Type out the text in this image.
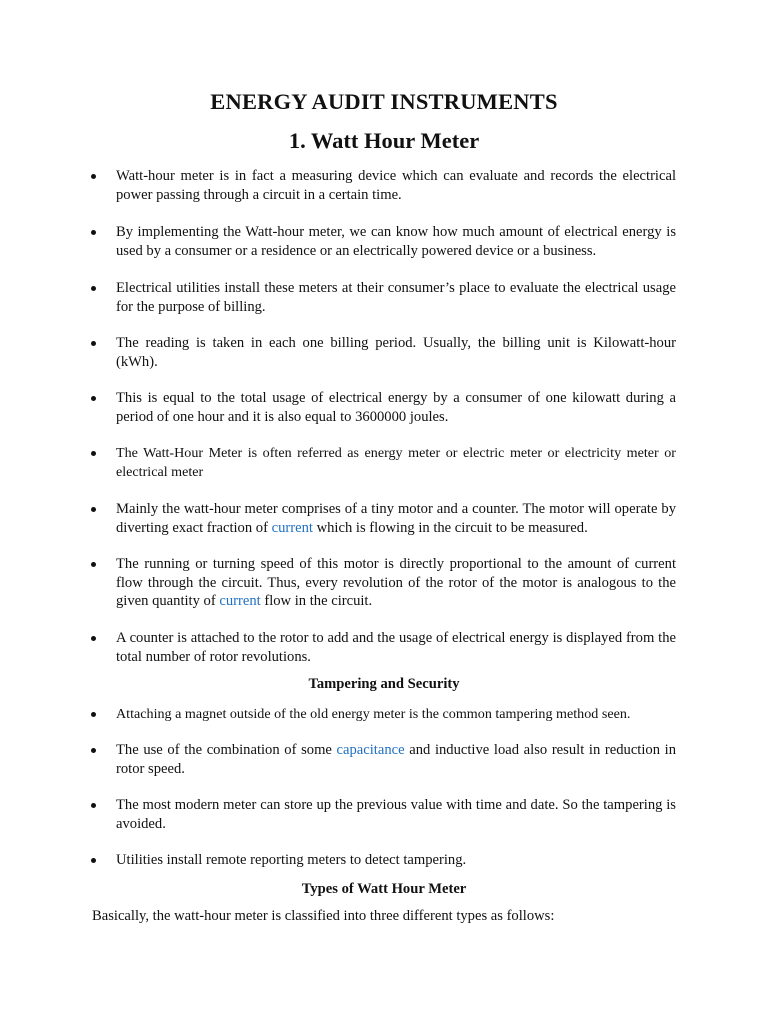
ENERGY AUDIT INSTRUMENTS
1. Watt Hour Meter

Watt-hour meter is in fact a measuring device which can evaluate and records the electrical power passing through a circuit in a certain time.

By implementing the Watt-hour meter, we can know how much amount of electrical energy is used by a consumer or a residence or an electrically powered device or a business.

Electrical utilities install these meters at their consumer’s place to evaluate the electrical usage for the purpose of billing.

The reading is taken in each one billing period. Usually, the billing unit is Kilowatt-hour (kWh).

This is equal to the total usage of electrical energy by a consumer of one kilowatt during a period of one hour and it is also equal to 3600000 joules.

The Watt-Hour Meter is often referred as energy meter or electric meter or electricity meter or electrical meter

Mainly the watt-hour meter comprises of a tiny motor and a counter. The motor will operate by diverting exact fraction of current which is flowing in the circuit to be measured.

The running or turning speed of this motor is directly proportional to the amount of current flow through the circuit. Thus, every revolution of the rotor of the motor is analogous to the given quantity of current flow in the circuit.

A counter is attached to the rotor to add and the usage of electrical energy is displayed from the total number of rotor revolutions.

Tampering and Security

Attaching a magnet outside of the old energy meter is the common tampering method seen.

The use of the combination of some capacitance and inductive load also result in reduction in rotor speed.

The most modern meter can store up the previous value with time and date. So the tampering is avoided.

Utilities install remote reporting meters to detect tampering.

Types of Watt Hour Meter

Basically, the watt-hour meter is classified into three different types as follows:
